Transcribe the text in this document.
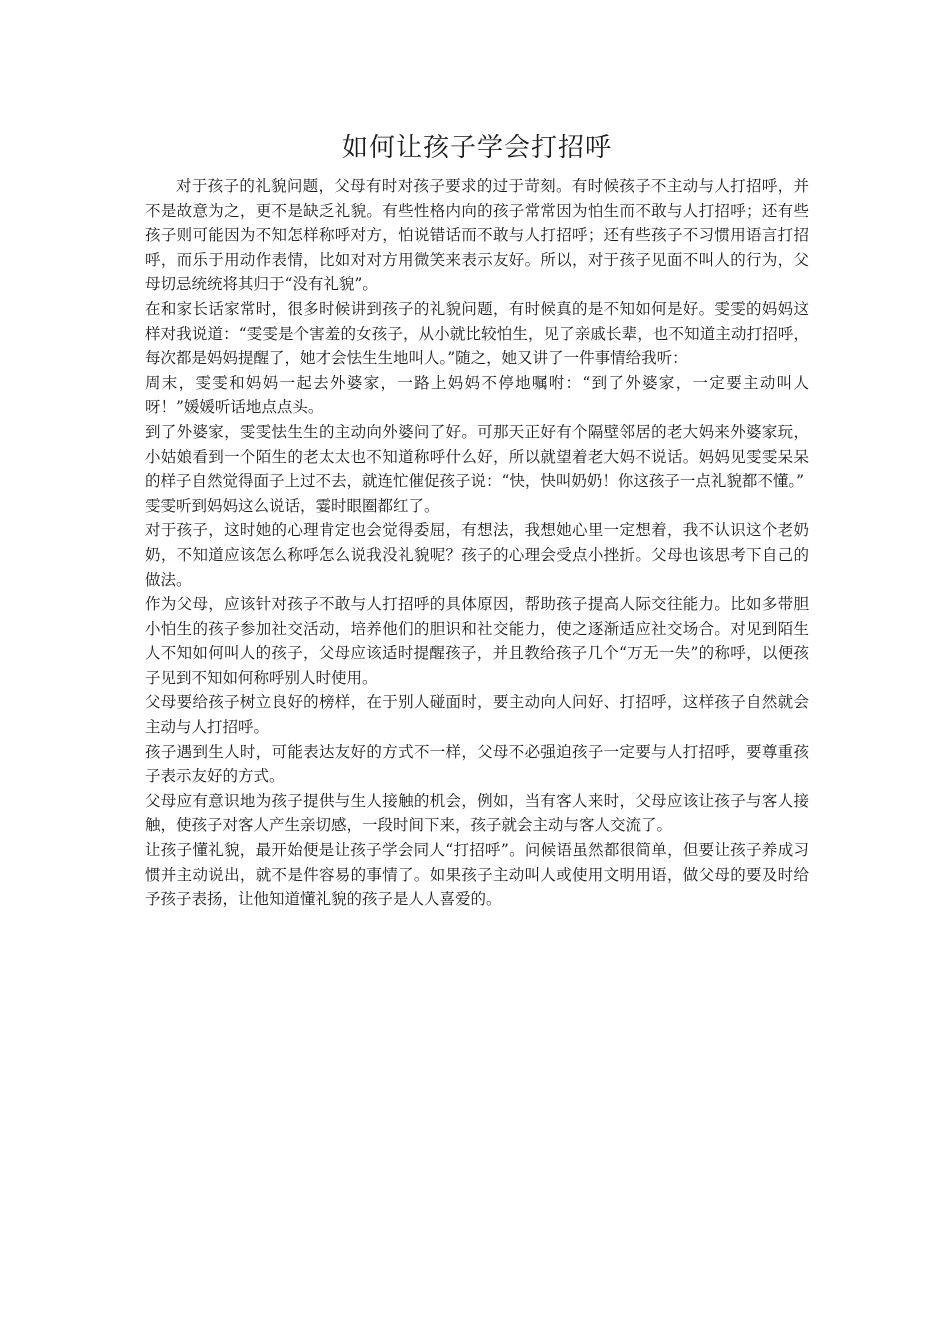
如何让孩子学会打招呼

对于孩子的礼貌问题，父母有时对孩子要求的过于苛刻。有时候孩子不主动与人打招呼，并不是故意为之，更不是缺乏礼貌。有些性格内向的孩子常常因为怕生而不敢与人打招呼；还有些孩子则可能因为不知怎样称呼对方，怕说错话而不敢与人打招呼；还有些孩子不习惯用语言打招呼，而乐于用动作表情，比如对对方用微笑来表示友好。所以，对于孩子见面不叫人的行为，父母切忌统统将其归于“没有礼貌”。

在和家长话家常时，很多时候讲到孩子的礼貌问题，有时候真的是不知如何是好。雯雯的妈妈这样对我说道：“雯雯是个害羞的女孩子，从小就比较怕生，见了亲戚长辈，也不知道主动打招呼，每次都是妈妈提醒了，她才会怯生生地叫人。”随之，她又讲了一件事情给我听：

周末，雯雯和妈妈一起去外婆家，一路上妈妈不停地嘱咐：“到了外婆家，一定要主动叫人呀！”媛媛听话地点点头。

到了外婆家，雯雯怯生生的主动向外婆问了好。可那天正好有个隔壁邻居的老大妈来外婆家玩，小姑娘看到一个陌生的老太太也不知道称呼什么好，所以就望着老大妈不说话。妈妈见雯雯呆呆的样子自然觉得面子上过不去，就连忙催促孩子说：“快，快叫奶奶！你这孩子一点礼貌都不懂。”

雯雯听到妈妈这么说话，霎时眼圈都红了。

对于孩子，这时她的心理肯定也会觉得委屈，有想法，我想她心里一定想着，我不认识这个老奶奶，不知道应该怎么称呼怎么说我没礼貌呢？孩子的心理会受点小挫折。父母也该思考下自己的做法。

作为父母，应该针对孩子不敢与人打招呼的具体原因，帮助孩子提高人际交往能力。比如多带胆小怕生的孩子参加社交活动，培养他们的胆识和社交能力，使之逐渐适应社交场合。对见到陌生人不知如何叫人的孩子，父母应该适时提醒孩子，并且教给孩子几个“万无一失”的称呼，以便孩子见到不知如何称呼别人时使用。

父母要给孩子树立良好的榜样，在于别人碰面时，要主动向人问好、打招呼，这样孩子自然就会主动与人打招呼。

孩子遇到生人时，可能表达友好的方式不一样，父母不必强迫孩子一定要与人打招呼，要尊重孩子表示友好的方式。

父母应有意识地为孩子提供与生人接触的机会，例如，当有客人来时，父母应该让孩子与客人接触，使孩子对客人产生亲切感，一段时间下来，孩子就会主动与客人交流了。

让孩子懂礼貌，最开始便是让孩子学会同人“打招呼”。问候语虽然都很简单，但要让孩子养成习惯并主动说出，就不是件容易的事情了。如果孩子主动叫人或使用文明用语，做父母的要及时给予孩子表扬，让他知道懂礼貌的孩子是人人喜爱的。
